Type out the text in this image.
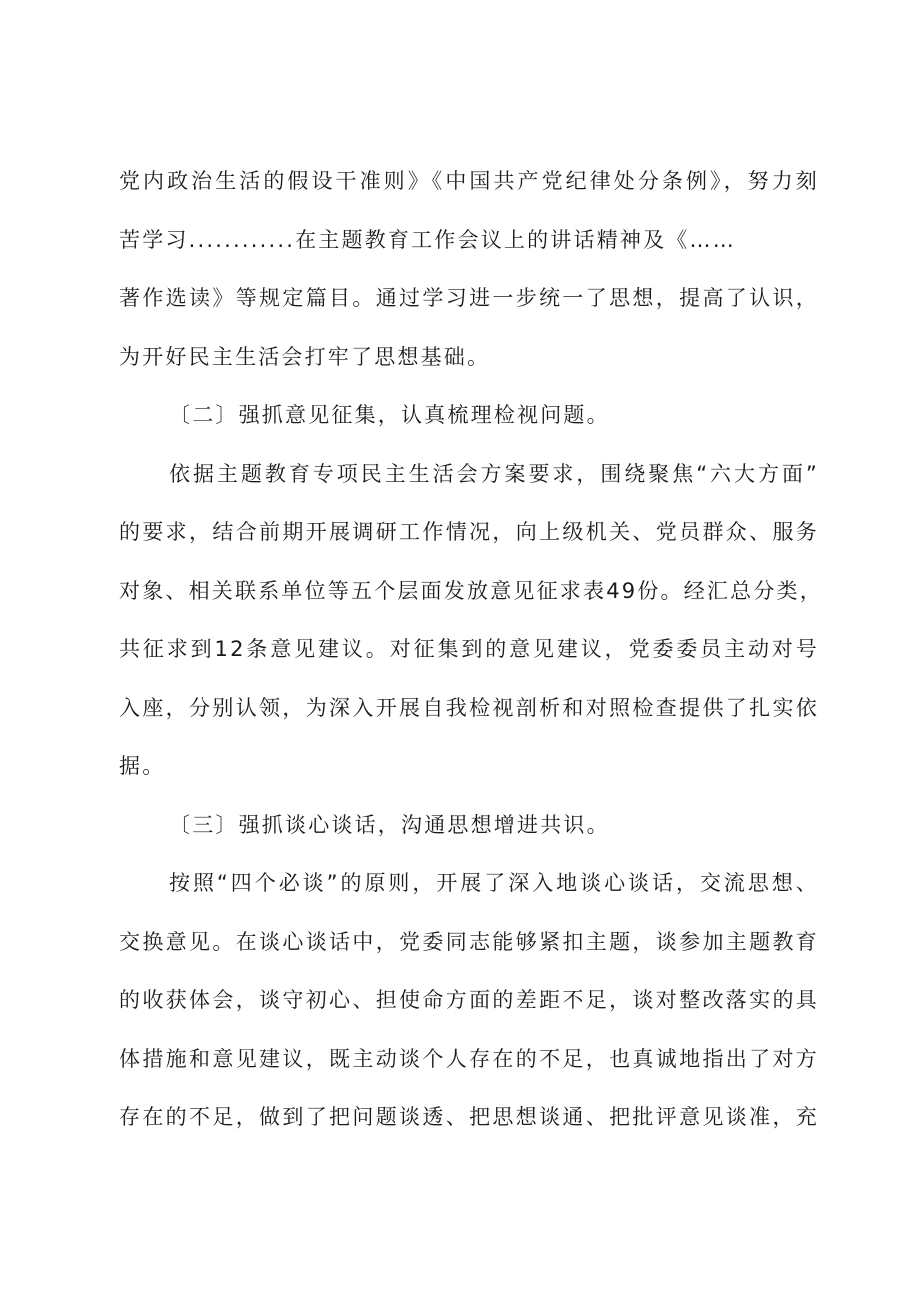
党内政治生活的假设干准则》《中国共产党纪律处分条例》，努力刻
苦学习............在主题教育工作会议上的讲话精神及《……
著作选读》等规定篇目。通过学习进一步统一了思想，提高了认识，
为开好民主生活会打牢了思想基础。
〔二〕强抓意见征集，认真梳理检视问题。
依据主题教育专项民主生活会方案要求，围绕聚焦“六大方面”
的要求，结合前期开展调研工作情况，向上级机关、党员群众、服务
对象、相关联系单位等五个层面发放意见征求表49份。经汇总分类，
共征求到12条意见建议。对征集到的意见建议，党委委员主动对号
入座，分别认领，为深入开展自我检视剖析和对照检查提供了扎实依
据。
〔三〕强抓谈心谈话，沟通思想增进共识。
按照“四个必谈”的原则，开展了深入地谈心谈话，交流思想、
交换意见。在谈心谈话中，党委同志能够紧扣主题，谈参加主题教育
的收获体会，谈守初心、担使命方面的差距不足，谈对整改落实的具
体措施和意见建议，既主动谈个人存在的不足，也真诚地指出了对方
存在的不足，做到了把问题谈透、把思想谈通、把批评意见谈准，充
